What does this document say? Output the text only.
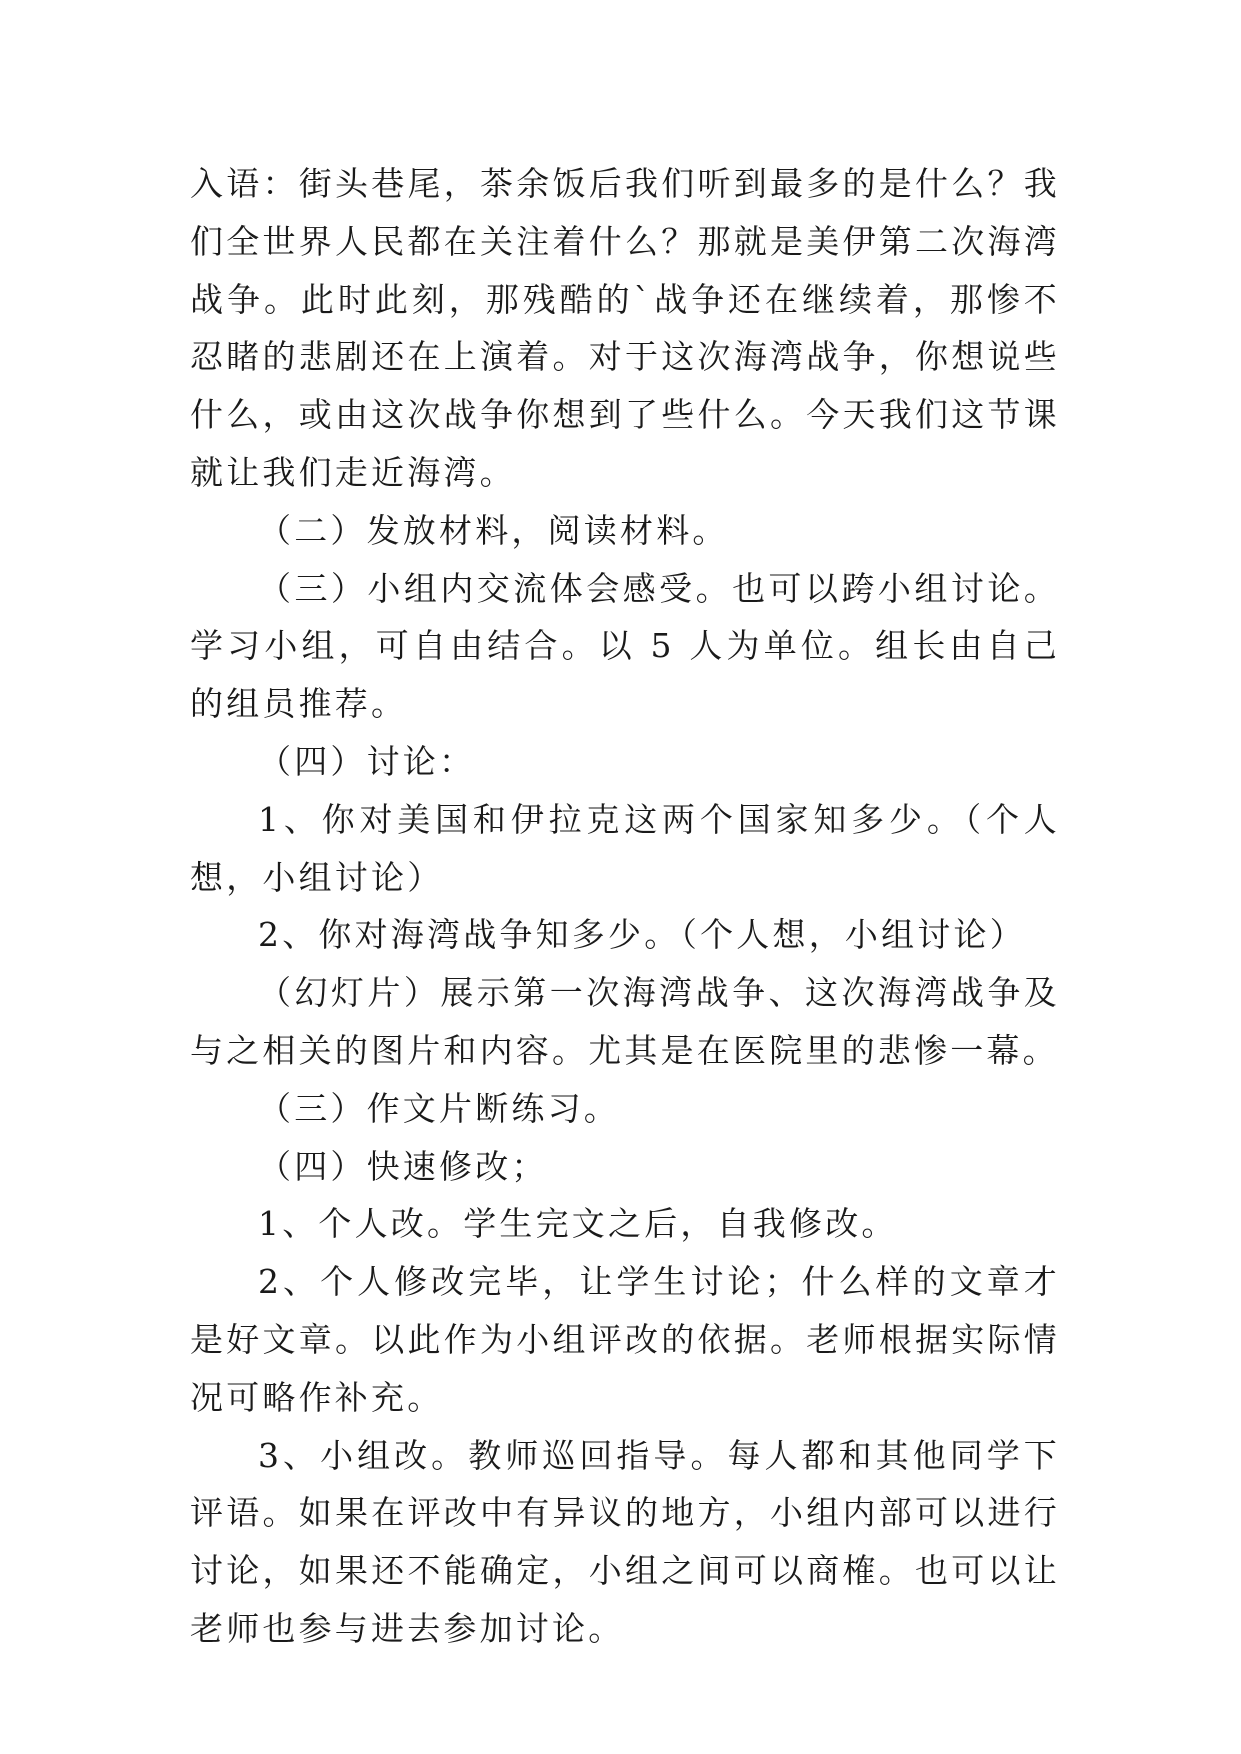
入语：街头巷尾，茶余饭后我们听到最多的是什么？我们全世界人民都在关注着什么？那就是美伊第二次海湾战争。此时此刻，那残酷的`战争还在继续着，那惨不忍睹的悲剧还在上演着。对于这次海湾战争，你想说些什么，或由这次战争你想到了些什么。今天我们这节课就让我们走近海湾。

（二）发放材料，阅读材料。

（三）小组内交流体会感受。也可以跨小组讨论。学习小组，可自由结合。以 5 人为单位。组长由自己的组员推荐。

（四）讨论：

1、你对美国和伊拉克这两个国家知多少。（个人想，小组讨论）

2、你对海湾战争知多少。（个人想，小组讨论）

（幻灯片）展示第一次海湾战争、这次海湾战争及与之相关的图片和内容。尤其是在医院里的悲惨一幕。

（三）作文片断练习。

（四）快速修改；

1、个人改。学生完文之后，自我修改。

2、个人修改完毕，让学生讨论；什么样的文章才是好文章。以此作为小组评改的依据。老师根据实际情况可略作补充。

3、小组改。教师巡回指导。每人都和其他同学下评语。如果在评改中有异议的地方，小组内部可以进行讨论，如果还不能确定，小组之间可以商榷。也可以让老师也参与进去参加讨论。
